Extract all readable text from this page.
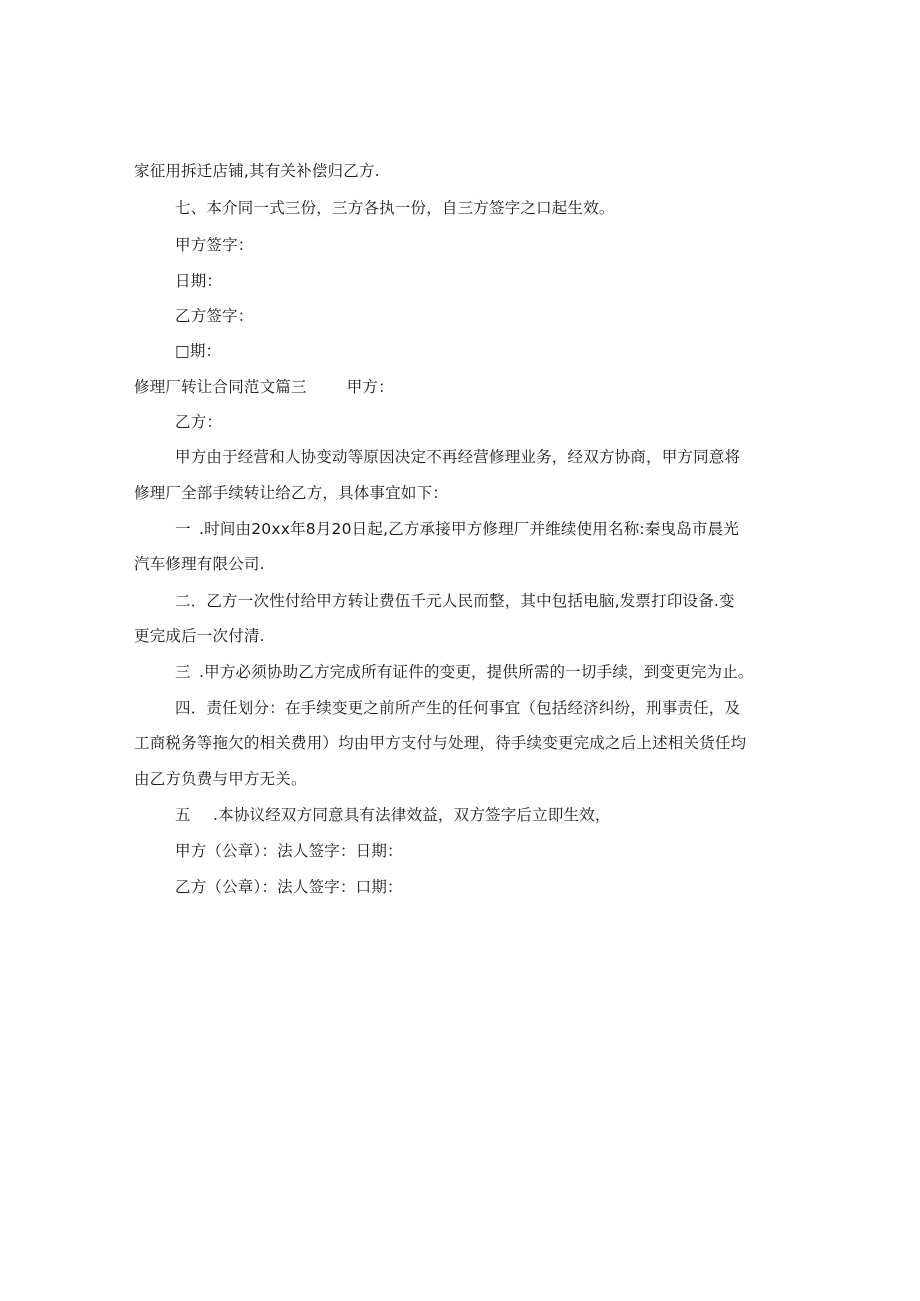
家征用拆迁店铺,其有关补偿归乙方.
七、本介同一式三份，三方各执一份，自三方签字之口起生效。
甲方签字：
日期：
乙方签字：
□期：
修理厂转让合同范文篇三	甲方：
乙方：
甲方由于经营和人协变动等原因决定不再经营修理业务，经双方协商，甲方同意将
修理厂全部手续转让给乙方，具体事宜如下：
一 .时间由20xx年8月20日起,乙方承接甲方修理厂并维续使用名称:秦曳岛市晨光
汽车修理有限公司.
二．乙方一次性付给甲方转让费伍千元人民而整，其中包括电脑,发票打印设备.变
更完成后一次付清.
三 .甲方必须协助乙方完成所有证件的变更，提供所需的一切手续，到变更完为止。
四．责任划分：在手续变更之前所产生的任何事宜（包括经济纠纷，刑事责任，及
工商税务等拖欠的相关费用）均由甲方支付与处理，待手续变更完成之后上述相关货任均
由乙方负费与甲方无关。
五 .本协议经双方同意具有法律效益，双方签字后立即生效，
甲方（公章）：法人签字：日期：
乙方（公章）：法人签字：口期：
